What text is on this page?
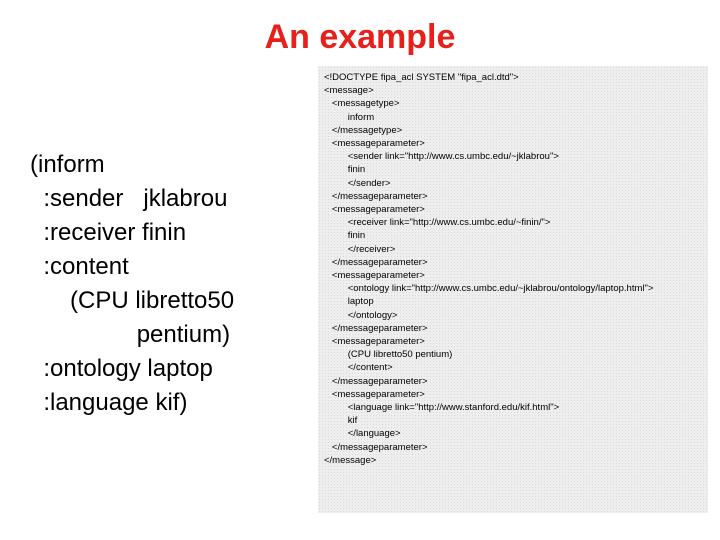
An example
(inform
:sender   jklabrou
:receiver finin
:content
(CPU libretto50
pentium)
:ontology laptop
:language kif)
<!DOCTYPE fipa_acl SYSTEM "fipa_acl.dtd">
<message>
<messagetype>
inform
</messagetype>
<messageparameter>
<sender link="http://www.cs.umbc.edu/~jklabrou">
finin
</sender>
</messageparameter>
<messageparameter>
<receiver link="http://www.cs.umbc.edu/~finin/">
finin
</receiver>
</messageparameter>
<messageparameter>
<ontology link="http://www.cs.umbc.edu/~jklabrou/ontology/laptop.html">
laptop
</ontology>
</messageparameter>
<messageparameter>
(CPU libretto50 pentium)
</content>
</messageparameter>
<messageparameter>
<language link="http://www.stanford.edu/kif.html">
kif
</language>
</messageparameter>
</message>
